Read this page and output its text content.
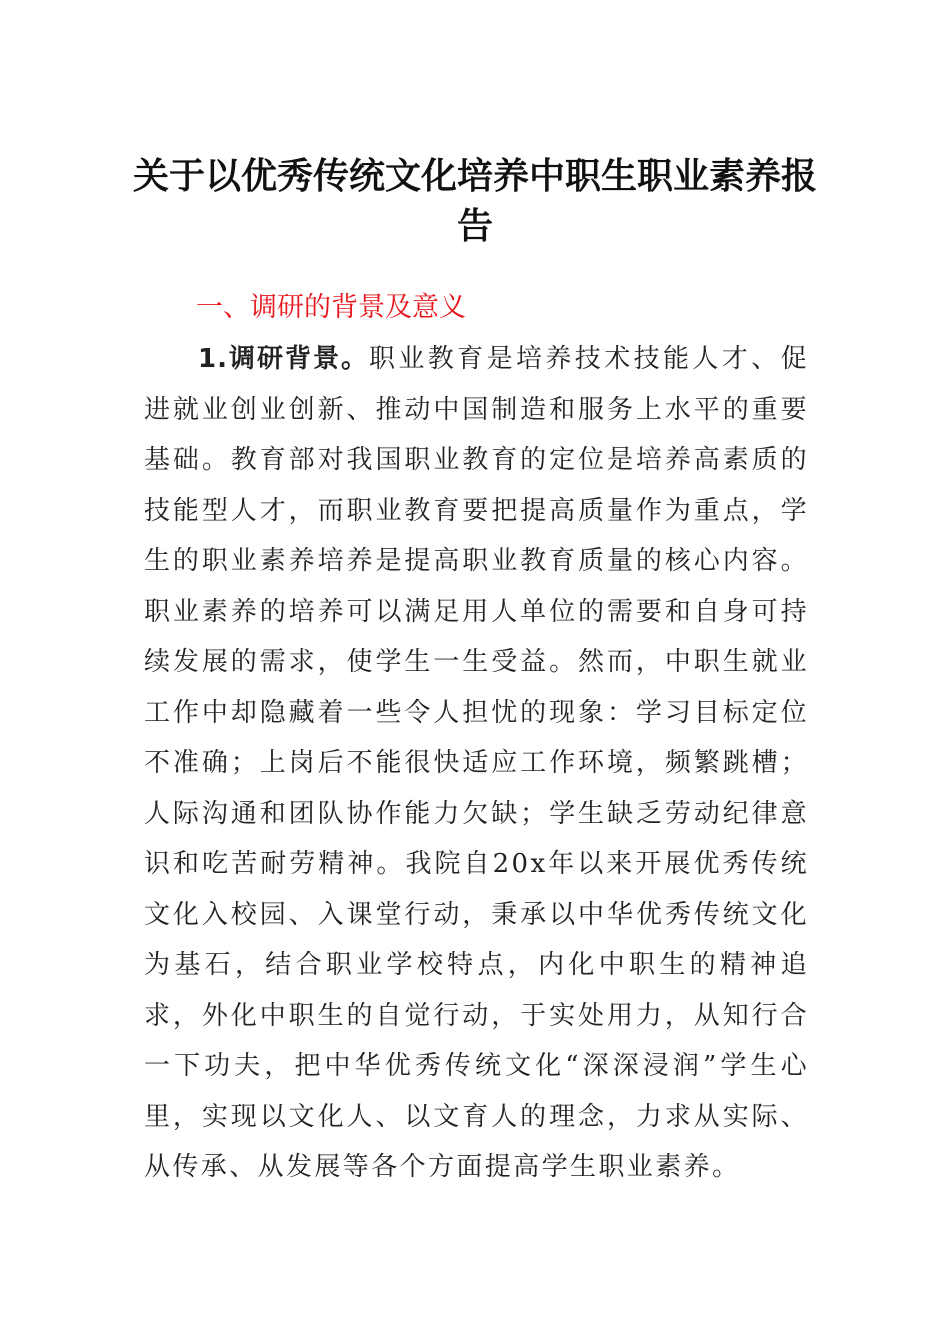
关于以优秀传统文化培养中职生职业素养报告
一、调研的背景及意义

1.调研背景。职业教育是培养技术技能人才、促进就业创业创新、推动中国制造和服务上水平的重要基础。教育部对我国职业教育的定位是培养高素质的技能型人才，而职业教育要把提高质量作为重点，学生的职业素养培养是提高职业教育质量的核心内容。职业素养的培养可以满足用人单位的需要和自身可持续发展的需求，使学生一生受益。然而，中职生就业工作中却隐藏着一些令人担忧的现象：学习目标定位不准确；上岗后不能很快适应工作环境，频繁跳槽；人际沟通和团队协作能力欠缺；学生缺乏劳动纪律意识和吃苦耐劳精神。我院自20x年以来开展优秀传统文化入校园、入课堂行动，秉承以中华优秀传统文化为基石，结合职业学校特点，内化中职生的精神追求，外化中职生的自觉行动，于实处用力，从知行合一下功夫，把中华优秀传统文化“深深浸润”学生心里，实现以文化人、以文育人的理念，力求从实际、从传承、从发展等各个方面提高学生职业素养。
